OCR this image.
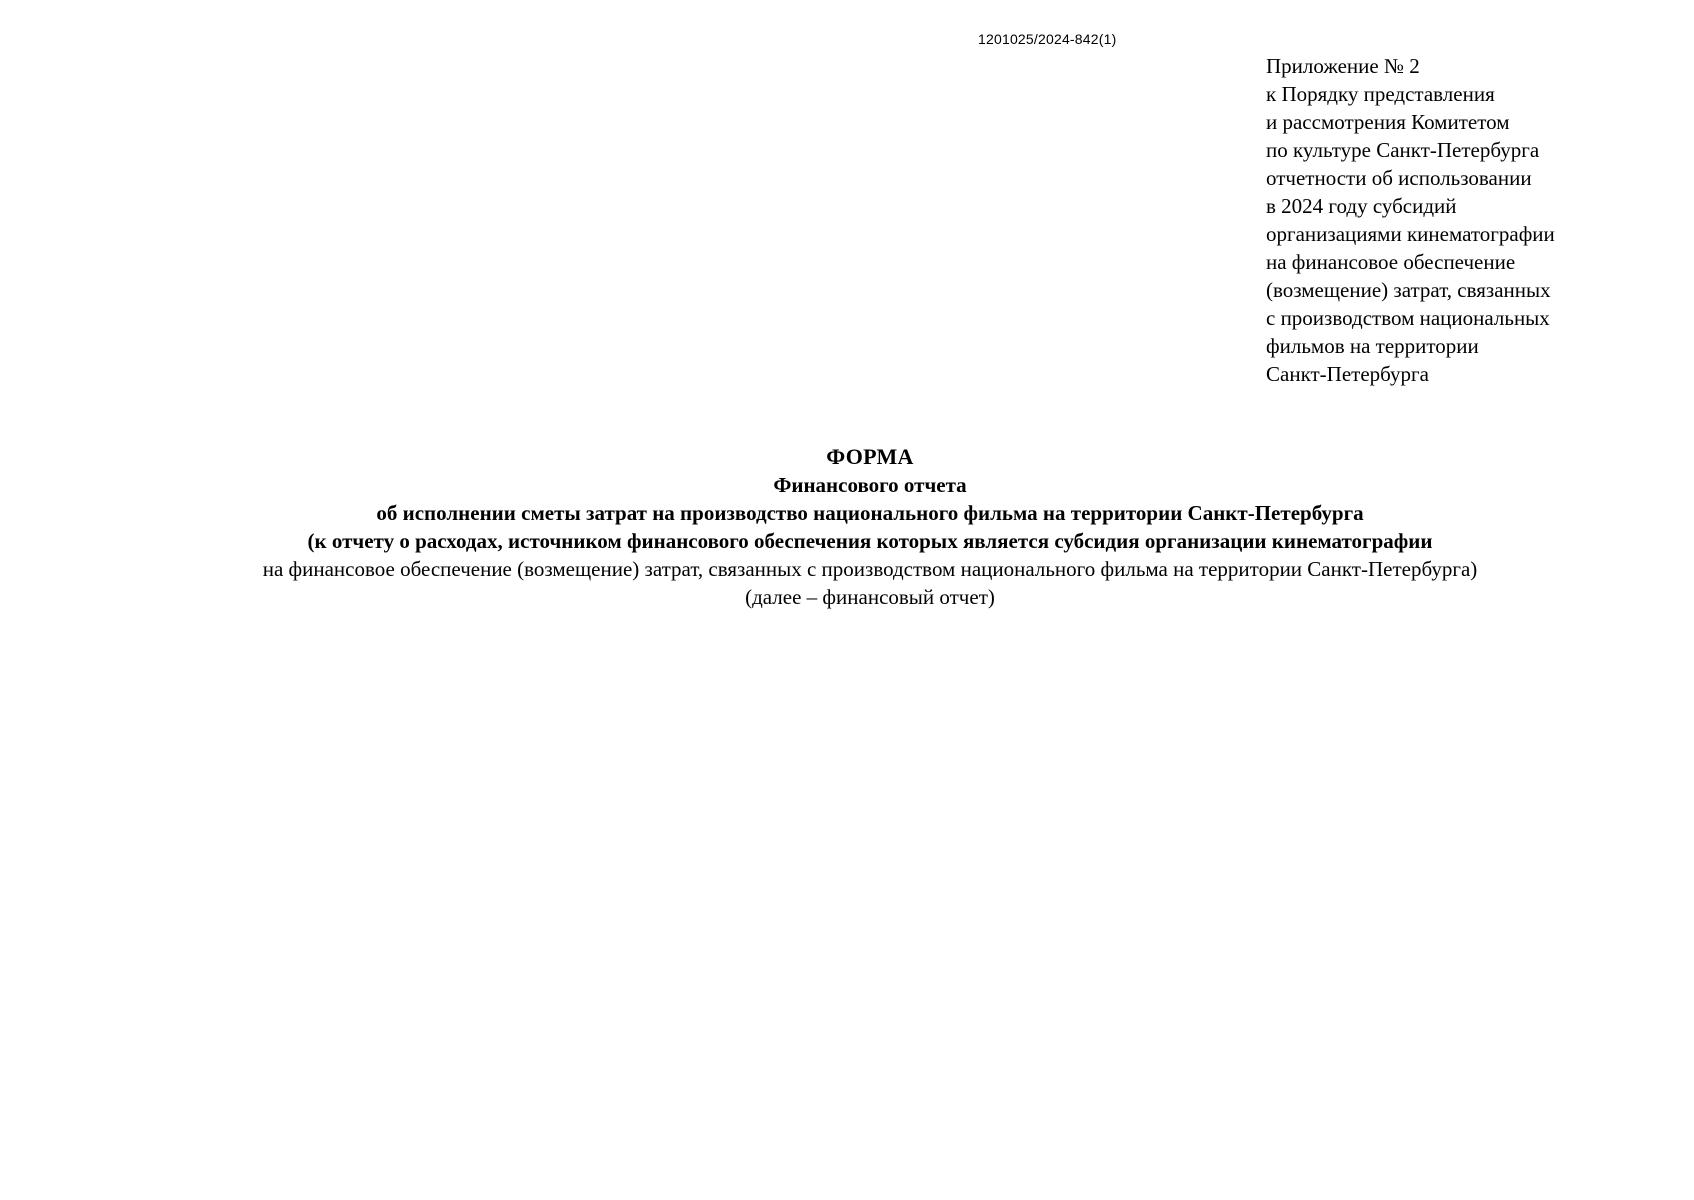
1201025/2024-842(1)
Приложение № 2
к Порядку представления
и рассмотрения Комитетом
по культуре Санкт-Петербурга
отчетности об использовании
в 2024 году субсидий
организациями кинематографии
на финансовое обеспечение
(возмещение) затрат, связанных
с производством национальных
фильмов на территории
Санкт-Петербурга
ФОРМА
Финансового отчета
об исполнении сметы затрат на производство национального фильма на территории Санкт-Петербурга
(к отчету о расходах, источником финансового обеспечения которых является субсидия организации кинематографии
на финансовое обеспечение (возмещение) затрат, связанных с производством национального фильма на территории Санкт-Петербурга)
(далее – финансовый отчет)
